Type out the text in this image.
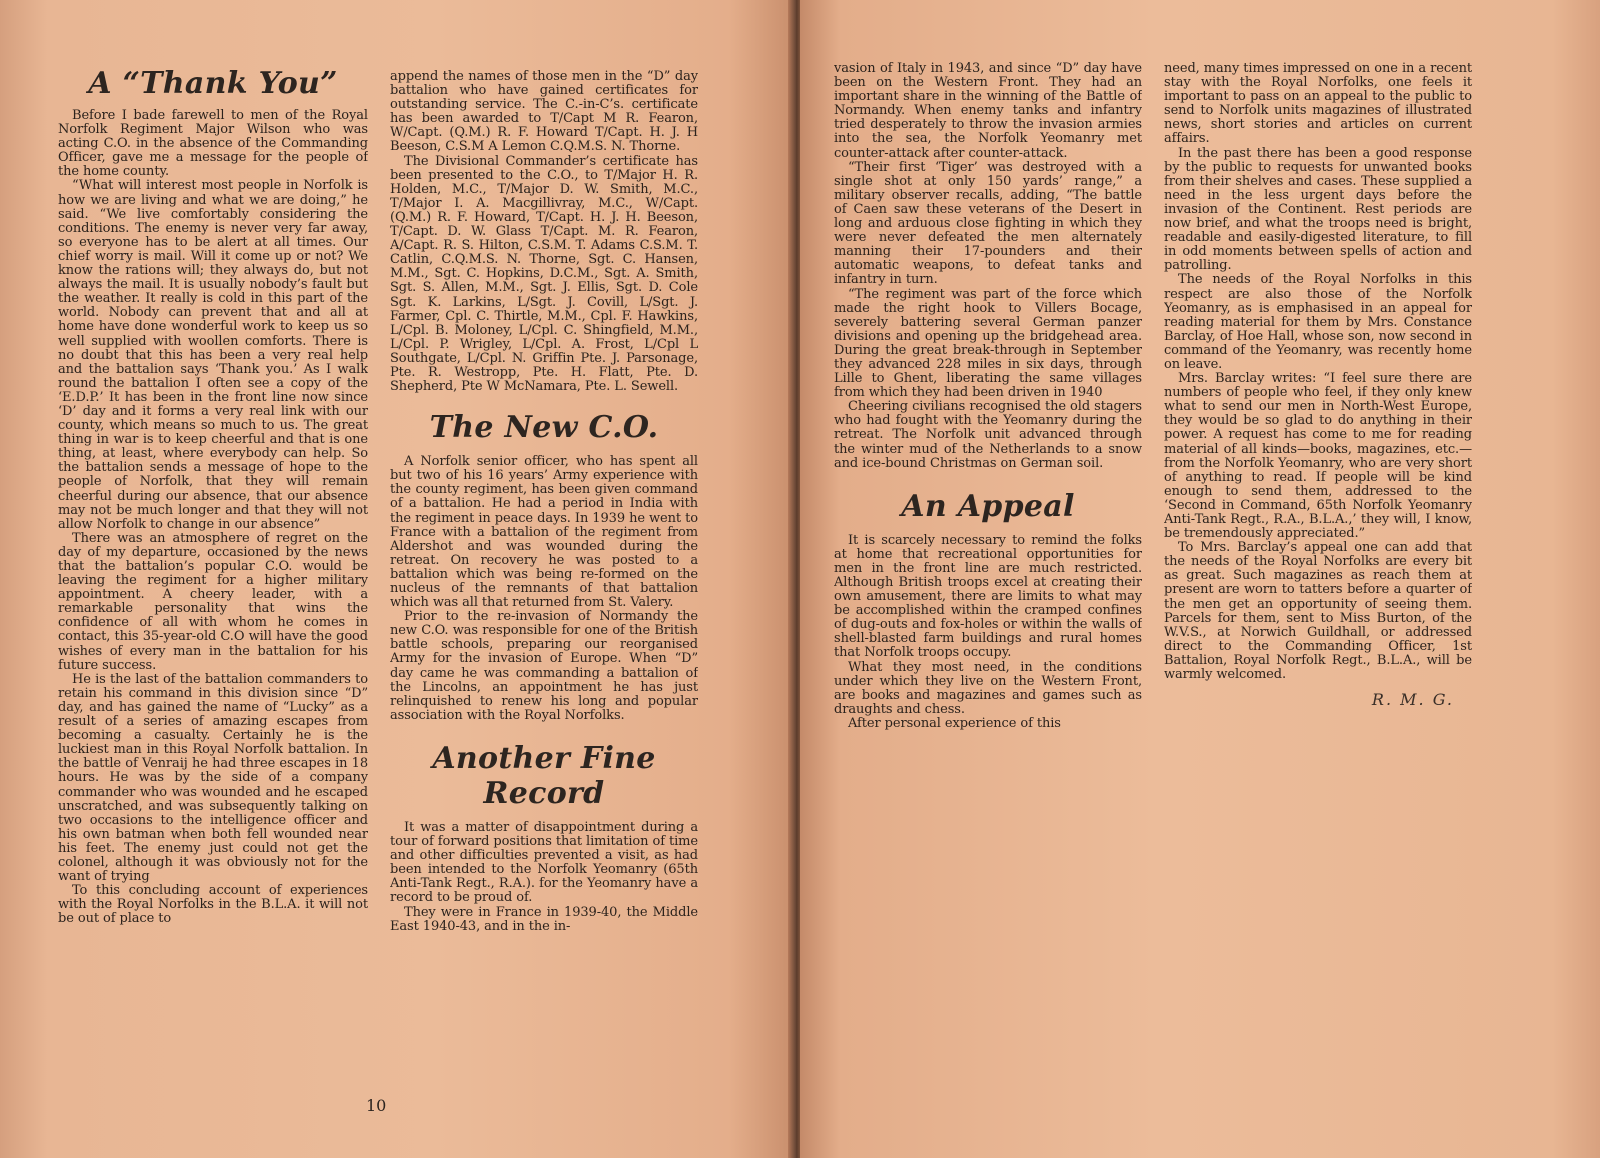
A “Thank You”

Before I bade farewell to men of the Royal Norfolk Regiment Major Wilson who was acting C.O. in the absence of the Commanding Officer, gave me a message for the people of the home county.

“What will interest most people in Norfolk is how we are living and what we are doing,” he said. “We live comfortably considering the conditions. The enemy is never very far away, so everyone has to be alert at all times. Our chief worry is mail. Will it come up or not? We know the rations will; they always do, but not always the mail. It is usually nobody’s fault but the weather. It really is cold in this part of the world. Nobody can prevent that and all at home have done wonderful work to keep us so well supplied with woollen comforts. There is no doubt that this has been a very real help and the battalion says ‘Thank you.’ As I walk round the battalion I often see a copy of the ‘E.D.P.’ It has been in the front line now since ‘D’ day and it forms a very real link with our county, which means so much to us. The great thing in war is to keep cheerful and that is one thing, at least, where everybody can help. So the battalion sends a message of hope to the people of Norfolk, that they will remain cheerful during our absence, that our absence may not be much longer and that they will not allow Norfolk to change in our absence”

There was an atmosphere of regret on the day of my departure, occasioned by the news that the battalion’s popular C.O. would be leaving the regiment for a higher military appointment. A cheery leader, with a remarkable personality that wins the confidence of all with whom he comes in contact, this 35-year-old C.O will have the good wishes of every man in the battalion for his future success.

He is the last of the battalion commanders to retain his command in this division since “D” day, and has gained the name of “Lucky” as a result of a series of amazing escapes from becoming a casualty. Certainly he is the luckiest man in this Royal Norfolk battalion. In the battle of Venraij he had three escapes in 18 hours. He was by the side of a company commander who was wounded and he escaped unscratched, and was subsequently talking on two occasions to the intelligence officer and his own batman when both fell wounded near his feet. The enemy just could not get the colonel, although it was obviously not for the want of trying

To this concluding account of experiences with the Royal Norfolks in the B.L.A. it will not be out of place to

append the names of those men in the “D” day battalion who have gained certificates for outstanding service. The C.-in-C’s. certificate has been awarded to T/Capt M R. Fearon, W/Capt. (Q.M.) R. F. Howard T/Capt. H. J. H Beeson, C.S.M A Lemon C.Q.M.S. N. Thorne.

The Divisional Commander’s certificate has been presented to the C.O., to T/Major H. R. Holden, M.C., T/Major D. W. Smith, M.C., T/Major I. A. Macgillivray, M.C., W/Capt. (Q.M.) R. F. Howard, T/Capt. H. J. H. Beeson, T/Capt. D. W. Glass T/Capt. M. R. Fearon, A/Capt. R. S. Hilton, C.S.M. T. Adams C.S.M. T. Catlin, C.Q.M.S. N. Thorne, Sgt. C. Hansen, M.M., Sgt. C. Hopkins, D.C.M., Sgt. A. Smith, Sgt. S. Allen, M.M., Sgt. J. Ellis, Sgt. D. Cole Sgt. K. Larkins, L/Sgt. J. Covill, L/Sgt. J. Farmer, Cpl. C. Thirtle, M.M., Cpl. F. Hawkins, L/Cpl. B. Moloney, L/Cpl. C. Shingfield, M.M., L/Cpl. P. Wrigley, L/Cpl. A. Frost, L/Cpl L Southgate, L/Cpl. N. Griffin Pte. J. Parsonage, Pte. R. Westropp, Pte. H. Flatt, Pte. D. Shepherd, Pte W McNamara, Pte. L. Sewell.

The New C.O.

A Norfolk senior officer, who has spent all but two of his 16 years’ Army experience with the county regiment, has been given command of a battalion. He had a period in India with the regiment in peace days. In 1939 he went to France with a battalion of the regiment from Aldershot and was wounded during the retreat. On recovery he was posted to a battalion which was being re-formed on the nucleus of the remnants of that battalion which was all that returned from St. Valery.

Prior to the re-invasion of Normandy the new C.O. was responsible for one of the British battle schools, preparing our reorganised Army for the invasion of Europe. When “D” day came he was commanding a battalion of the Lincolns, an appointment he has just relinquished to renew his long and popular association with the Royal Norfolks.

Another Fine Record

It was a matter of disappointment during a tour of forward positions that limitation of time and other difficulties prevented a visit, as had been intended to the Norfolk Yeomanry (65th Anti-Tank Regt., R.A.). for the Yeomanry have a record to be proud of.

They were in France in 1939-40, the Middle East 1940-43, and in the in-

10

vasion of Italy in 1943, and since “D” day have been on the Western Front. They had an important share in the winning of the Battle of Normandy. When enemy tanks and infantry tried desperately to throw the invasion armies into the sea, the Norfolk Yeomanry met counter-attack after counter-attack.

“Their first ‘Tiger’ was destroyed with a single shot at only 150 yards’ range,” a military observer recalls, adding, “The battle of Caen saw these veterans of the Desert in long and arduous close fighting in which they were never defeated the men alternately manning their 17-pounders and their automatic weapons, to defeat tanks and infantry in turn.

“The regiment was part of the force which made the right hook to Villers Bocage, severely battering several German panzer divisions and opening up the bridgehead area. During the great break-through in September they advanced 228 miles in six days, through Lille to Ghent, liberating the same villages from which they had been driven in 1940

Cheering civilians recognised the old stagers who had fought with the Yeomanry during the retreat. The Norfolk unit advanced through the winter mud of the Netherlands to a snow and ice-bound Christmas on German soil.

An Appeal

It is scarcely necessary to remind the folks at home that recreational opportunities for men in the front line are much restricted. Although British troops excel at creating their own amusement, there are limits to what may be accomplished within the cramped confines of dug-outs and fox-holes or within the walls of shell-blasted farm buildings and rural homes that Norfolk troops occupy.

What they most need, in the conditions under which they live on the Western Front, are books and magazines and games such as draughts and chess.

After personal experience of this

need, many times impressed on one in a recent stay with the Royal Norfolks, one feels it important to pass on an appeal to the public to send to Norfolk units magazines of illustrated news, short stories and articles on current affairs.

In the past there has been a good response by the public to requests for unwanted books from their shelves and cases. These supplied a need in the less urgent days before the invasion of the Continent. Rest periods are now brief, and what the troops need is bright, readable and easily-digested literature, to fill in odd moments between spells of action and patrolling.

The needs of the Royal Norfolks in this respect are also those of the Norfolk Yeomanry, as is emphasised in an appeal for reading material for them by Mrs. Constance Barclay, of Hoe Hall, whose son, now second in command of the Yeomanry, was recently home on leave.

Mrs. Barclay writes: “I feel sure there are numbers of people who feel, if they only knew what to send our men in North-West Europe, they would be so glad to do anything in their power. A request has come to me for reading material of all kinds—books, magazines, etc.—from the Norfolk Yeomanry, who are very short of anything to read. If people will be kind enough to send them, addressed to the ‘Second in Command, 65th Norfolk Yeomanry Anti-Tank Regt., R.A., B.L.A.,’ they will, I know, be tremendously appreciated.”

To Mrs. Barclay’s appeal one can add that the needs of the Royal Norfolks are every bit as great. Such magazines as reach them at present are worn to tatters before a quarter of the men get an opportunity of seeing them. Parcels for them, sent to Miss Burton, of the W.V.S., at Norwich Guildhall, or addressed direct to the Commanding Officer, 1st Battalion, Royal Norfolk Regt., B.L.A., will be warmly welcomed.

R. M. G.
